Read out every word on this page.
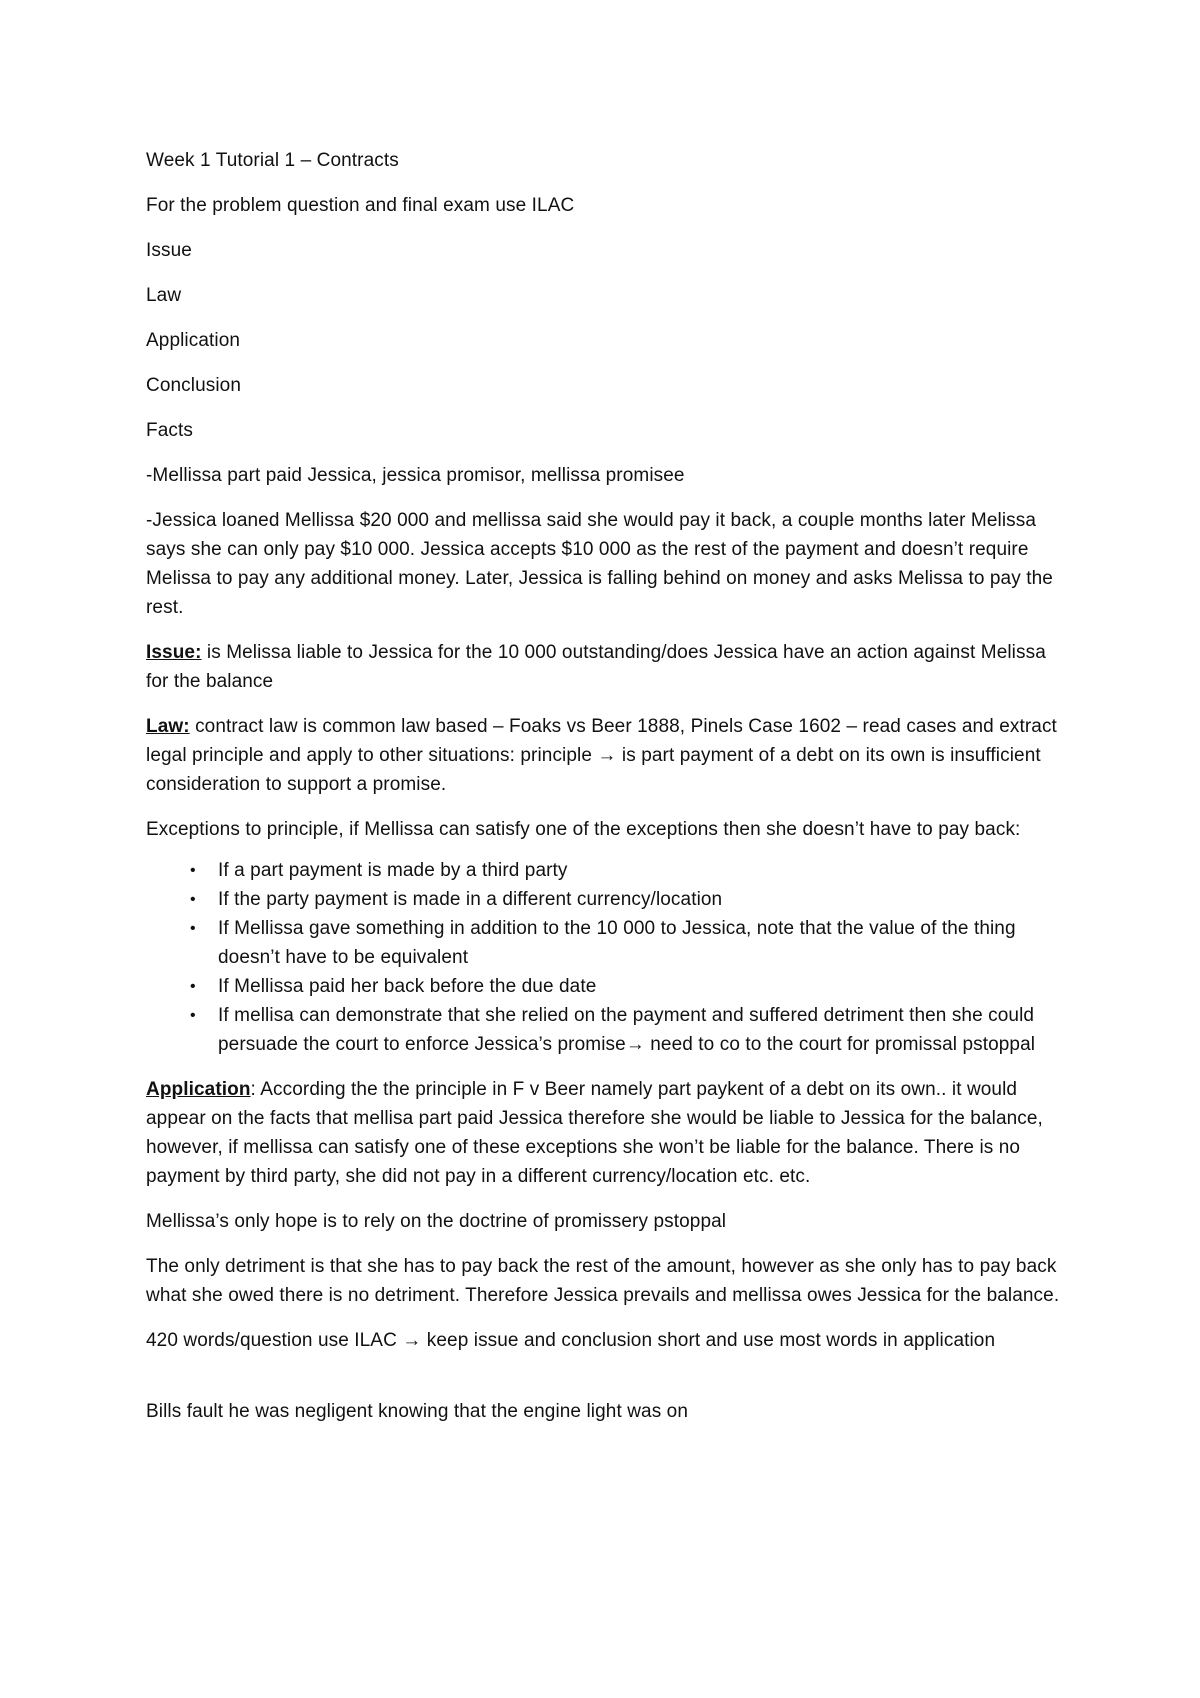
Week 1 Tutorial 1 – Contracts

For the problem question and final exam use ILAC

Issue

Law

Application

Conclusion

Facts

-Mellissa part paid Jessica, jessica promisor, mellissa promisee

-Jessica loaned Mellissa $20 000 and mellissa said she would pay it back, a couple months later Melissa says she can only pay $10 000. Jessica accepts $10 000 as the rest of the payment and doesn’t require Melissa to pay any additional money. Later, Jessica is falling behind on money and asks Melissa to pay the rest.

Issue: is Melissa liable to Jessica for the 10 000 outstanding/does Jessica have an action against Melissa for the balance

Law: contract law is common law based – Foaks vs Beer 1888, Pinels Case 1602 – read cases and extract legal principle and apply to other situations: principle → is part payment of a debt on its own is insufficient consideration to support a promise.

Exceptions to principle, if Mellissa can satisfy one of the exceptions then she doesn’t have to pay back:

• If a part payment is made by a third party
• If the party payment is made in a different currency/location
• If Mellissa gave something in addition to the 10 000 to Jessica, note that the value of the thing doesn’t have to be equivalent
• If Mellissa paid her back before the due date
• If mellisa can demonstrate that she relied on the payment and suffered detriment then she could persuade the court to enforce Jessica’s promise→ need to co to the court for promissal pstoppal

Application: According the the principle in F v Beer namely part paykent of a debt on its own.. it would appear on the facts that mellisa part paid Jessica therefore she would be liable to Jessica for the balance, however, if mellissa can satisfy one of these exceptions she won’t be liable for the balance. There is no payment by third party, she did not pay in a different currency/location etc. etc.

Mellissa’s only hope is to rely on the doctrine of promissery pstoppal

The only detriment is that she has to pay back the rest of the amount, however as she only has to pay back what she owed there is no detriment. Therefore Jessica prevails and mellissa owes Jessica for the balance.

420 words/question use ILAC → keep issue and conclusion short and use most words in application

Bills fault he was negligent knowing that the engine light was on
